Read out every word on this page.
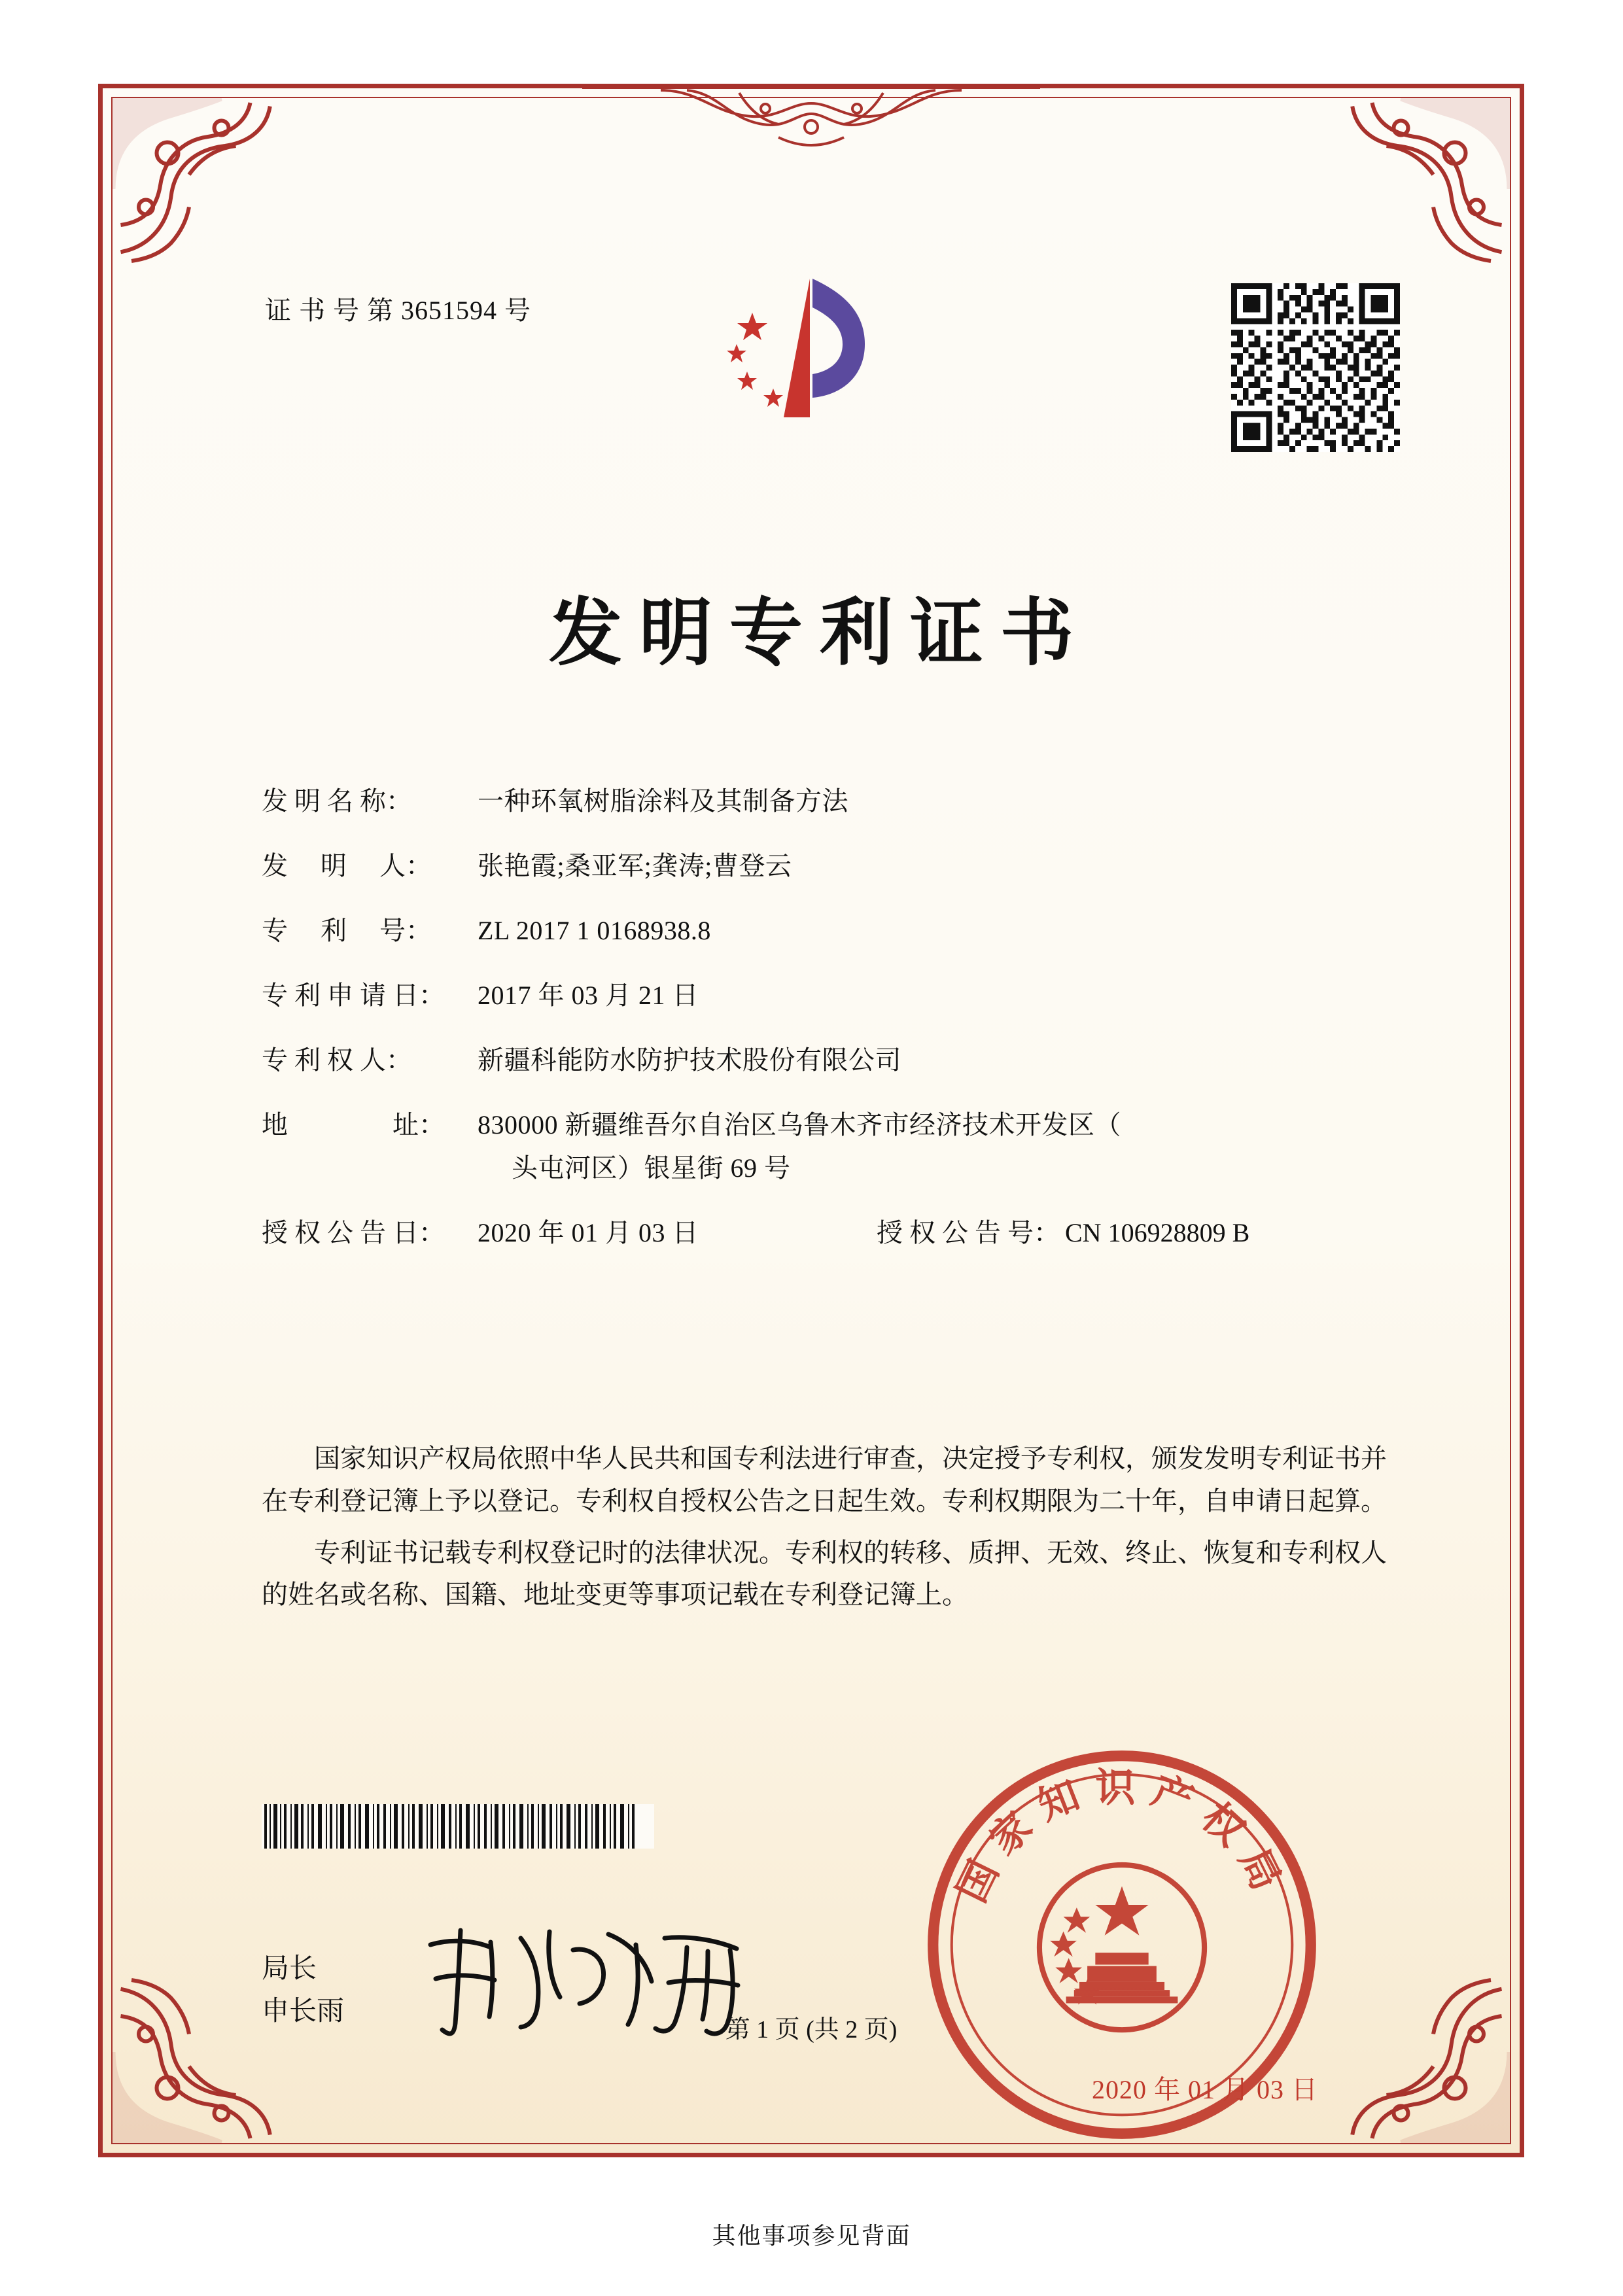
证 书 号 第 3651594 号
发明专利证书
发 明 名 称：	一种环氧树脂涂料及其制备方法
发　 明　 人：	张艳霞;桑亚军;龚涛;曹登云
专　 利　 号：	ZL 2017 1 0168938.8
专 利 申 请 日：	2017 年 03 月 21 日
专 利 权 人：	新疆科能防水防护技术股份有限公司
地　　　　址：	830000 新疆维吾尔自治区乌鲁木齐市经济技术开发区（
头屯河区）银星街 69 号
授 权 公 告 日：	2020 年 01 月 03 日	授 权 公 告 号： CN 106928809 B

国家知识产权局依照中华人民共和国专利法进行审查，决定授予专利权，颁发发明专利证书并在专利登记簿上予以登记。专利权自授权公告之日起生效。专利权期限为二十年，自申请日起算。

专利证书记载专利权登记时的法律状况。专利权的转移、质押、无效、终止、恢复和专利权人的姓名或名称、国籍、地址变更等事项记载在专利登记簿上。

局长
申长雨
国家知识产权局
2020 年 01 月 03 日
第 1 页 (共 2 页)
其他事项参见背面
